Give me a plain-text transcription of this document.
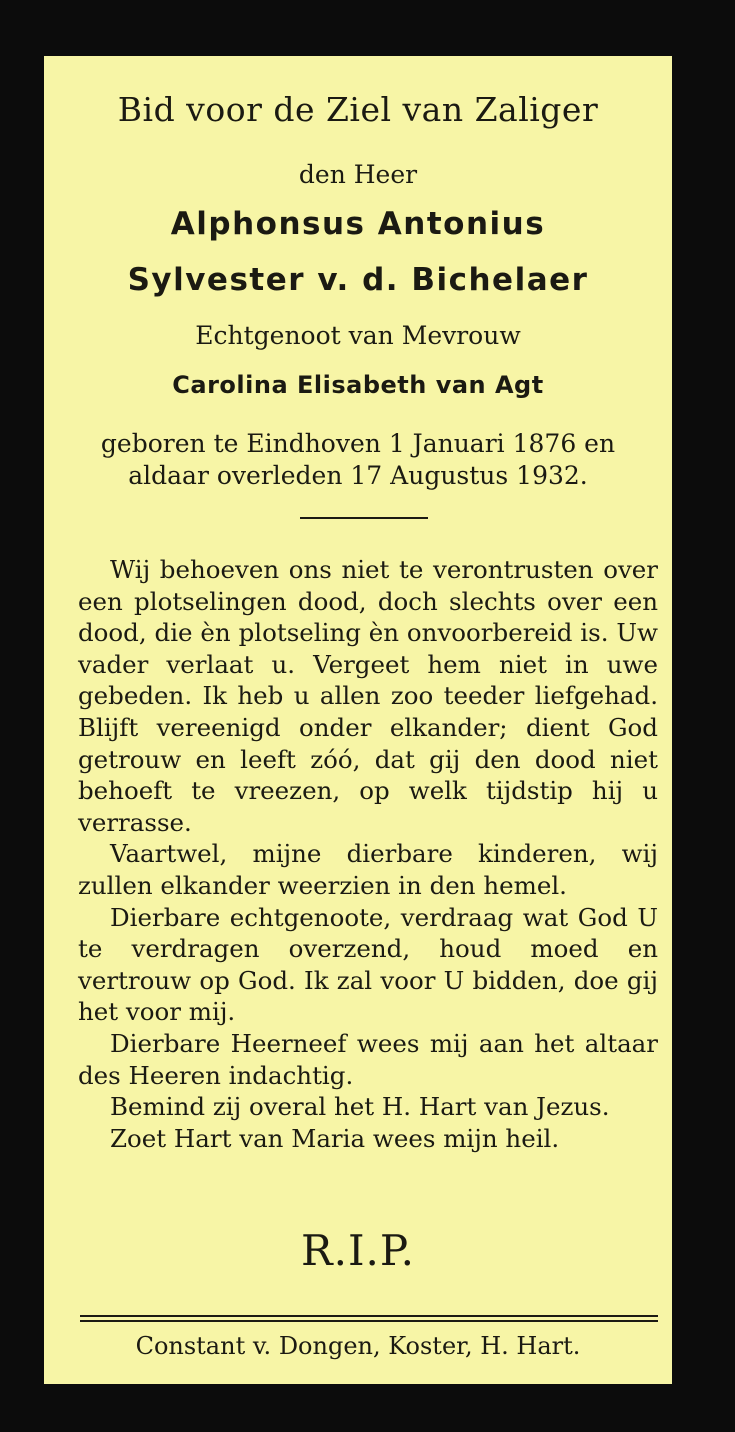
Bid voor de Ziel van Zaliger
den Heer
Alphonsus Antonius
Sylvester v. d. Bichelaer
Echtgenoot van Mevrouw
Carolina Elisabeth van Agt
geboren te Eindhoven 1 Januari 1876 en
aldaar overleden 17 Augustus 1932.

Wij behoeven ons niet te verontrusten over een plotselingen dood, doch slechts over een dood, die èn plotseling èn onvoorbereid is. Uw vader verlaat u. Vergeet hem niet in uwe gebeden. Ik heb u allen zoo teeder liefgehad. Blijft vereenigd onder elkander; dient God getrouw en leeft zóó, dat gij den dood niet behoeft te vreezen, op welk tijdstip hij u verrasse.

Vaartwel, mijne dierbare kinderen, wij zullen elkander weerzien in den hemel.

Dierbare echtgenoote, verdraag wat God U te verdragen overzend, houd moed en vertrouw op God. Ik zal voor U bidden, doe gij het voor mij.

Dierbare Heerneef wees mij aan het altaar des Heeren indachtig.

Bemind zij overal het H. Hart van Jezus.

Zoet Hart van Maria wees mijn heil.

R.I.P.
Constant v. Dongen, Koster, H. Hart.
